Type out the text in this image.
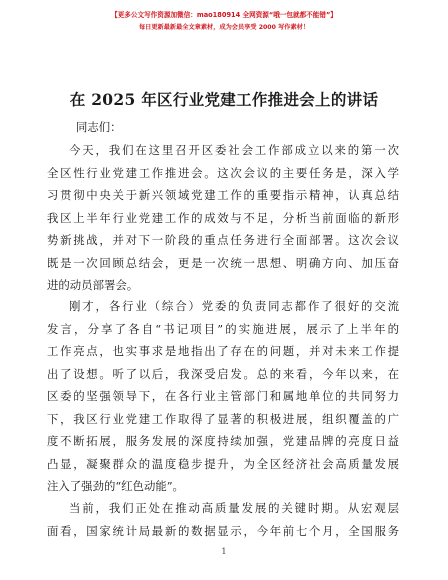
【更多公文写作资源加微信：mao180914 全网资源“哦一包就都不能错”】
每日更新最新最全文章素材，成为会员享受 2000 写作素材！
在 2025 年区行业党建工作推进会上的讲话
同志们：
今天，我们在这里召开区委社会工作部成立以来的第一次
全区性行业党建工作推进会。这次会议的主要任务是，深入学
习贯彻中央关于新兴领域党建工作的重要指示精神，认真总结
我区上半年行业党建工作的成效与不足，分析当前面临的新形
势新挑战，并对下一阶段的重点任务进行全面部署。这次会议
既是一次回顾总结会，更是一次统一思想、明确方向、加压奋
进的动员部署会。
刚才，各行业（综合）党委的负责同志都作了很好的交流
发言，分享了各自“书记项目”的实施进展，展示了上半年的
工作亮点，也实事求是地指出了存在的问题，并对未来工作提
出了设想。听了以后，我深受启发。总的来看，今年以来，在
区委的坚强领导下，在各行业主管部门和属地单位的共同努力
下，我区行业党建工作取得了显著的积极进展，组织覆盖的广
度不断拓展，服务发展的深度持续加强，党建品牌的亮度日益
凸显，凝聚群众的温度稳步提升，为全区经济社会高质量发展
注入了强劲的“红色动能”。
当前，我们正处在推动高质量发展的关键时期。从宏观层
面看，国家统计局最新的数据显示，今年前七个月，全国服务
1
